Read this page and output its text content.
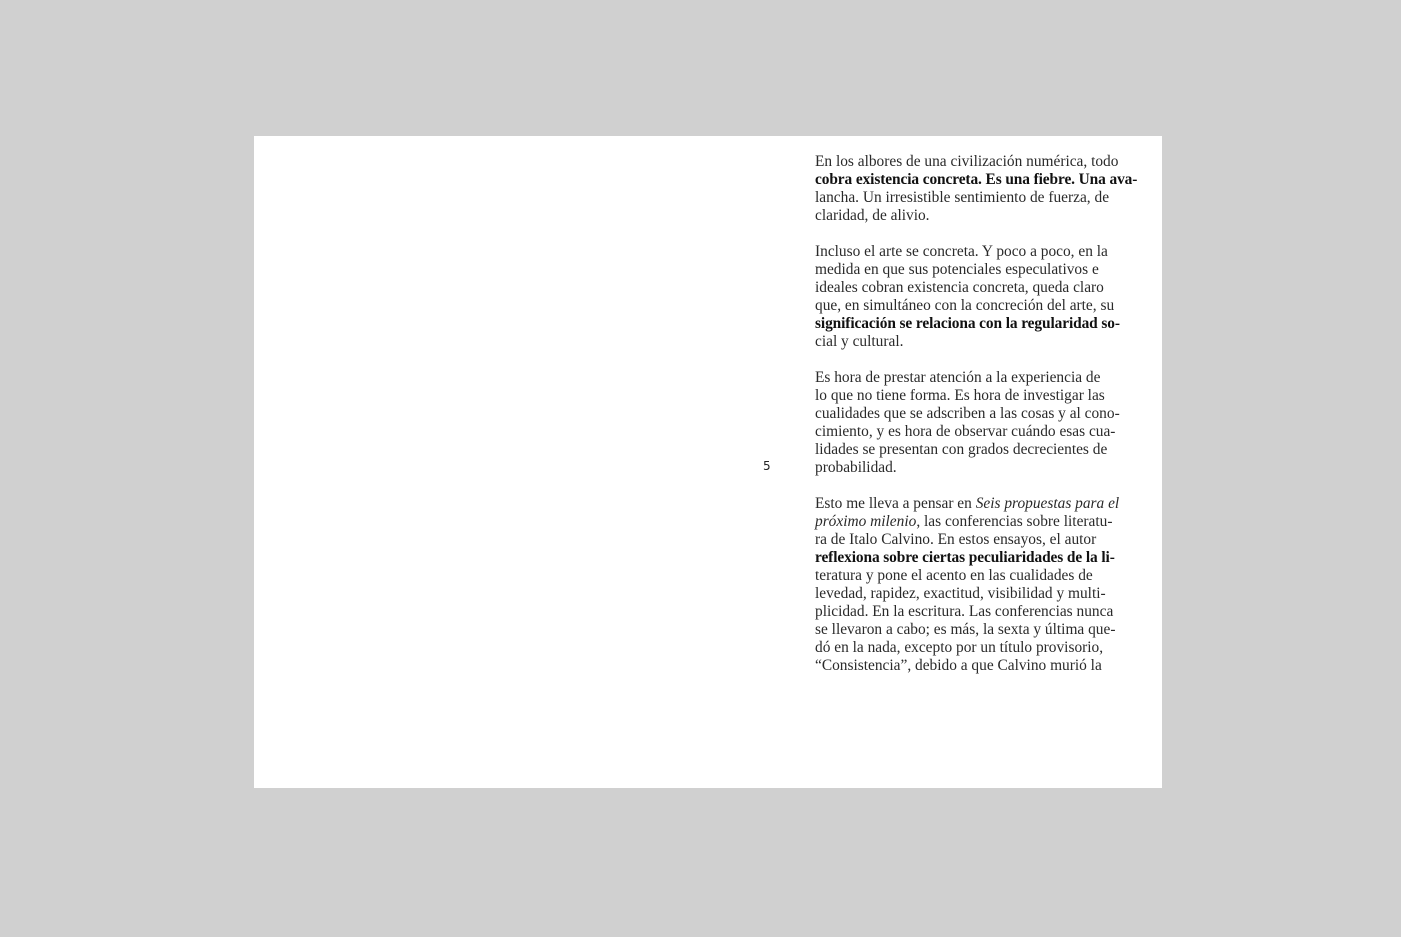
5
En los albores de una civilización numérica, todo
cobra existencia concreta. Es una fiebre. Una ava-
lancha. Un irresistible sentimiento de fuerza, de
claridad, de alivio.
Incluso el arte se concreta. Y poco a poco, en la
medida en que sus potenciales especulativos e
ideales cobran existencia concreta, queda claro
que, en simultáneo con la concreción del arte, su
significación se relaciona con la regularidad so-
cial y cultural.
Es hora de prestar atención a la experiencia de
lo que no tiene forma. Es hora de investigar las
cualidades que se adscriben a las cosas y al cono-
cimiento, y es hora de observar cuándo esas cua-
lidades se presentan con grados decrecientes de
probabilidad.
Esto me lleva a pensar en Seis propuestas para el
próximo milenio, las conferencias sobre literatu-
ra de Italo Calvino. En estos ensayos, el autor
reflexiona sobre ciertas peculiaridades de la li-
teratura y pone el acento en las cualidades de
levedad, rapidez, exactitud, visibilidad y multi-
plicidad. En la escritura. Las conferencias nunca
se llevaron a cabo; es más, la sexta y última que-
dó en la nada, excepto por un título provisorio,
“Consistencia”, debido a que Calvino murió la
